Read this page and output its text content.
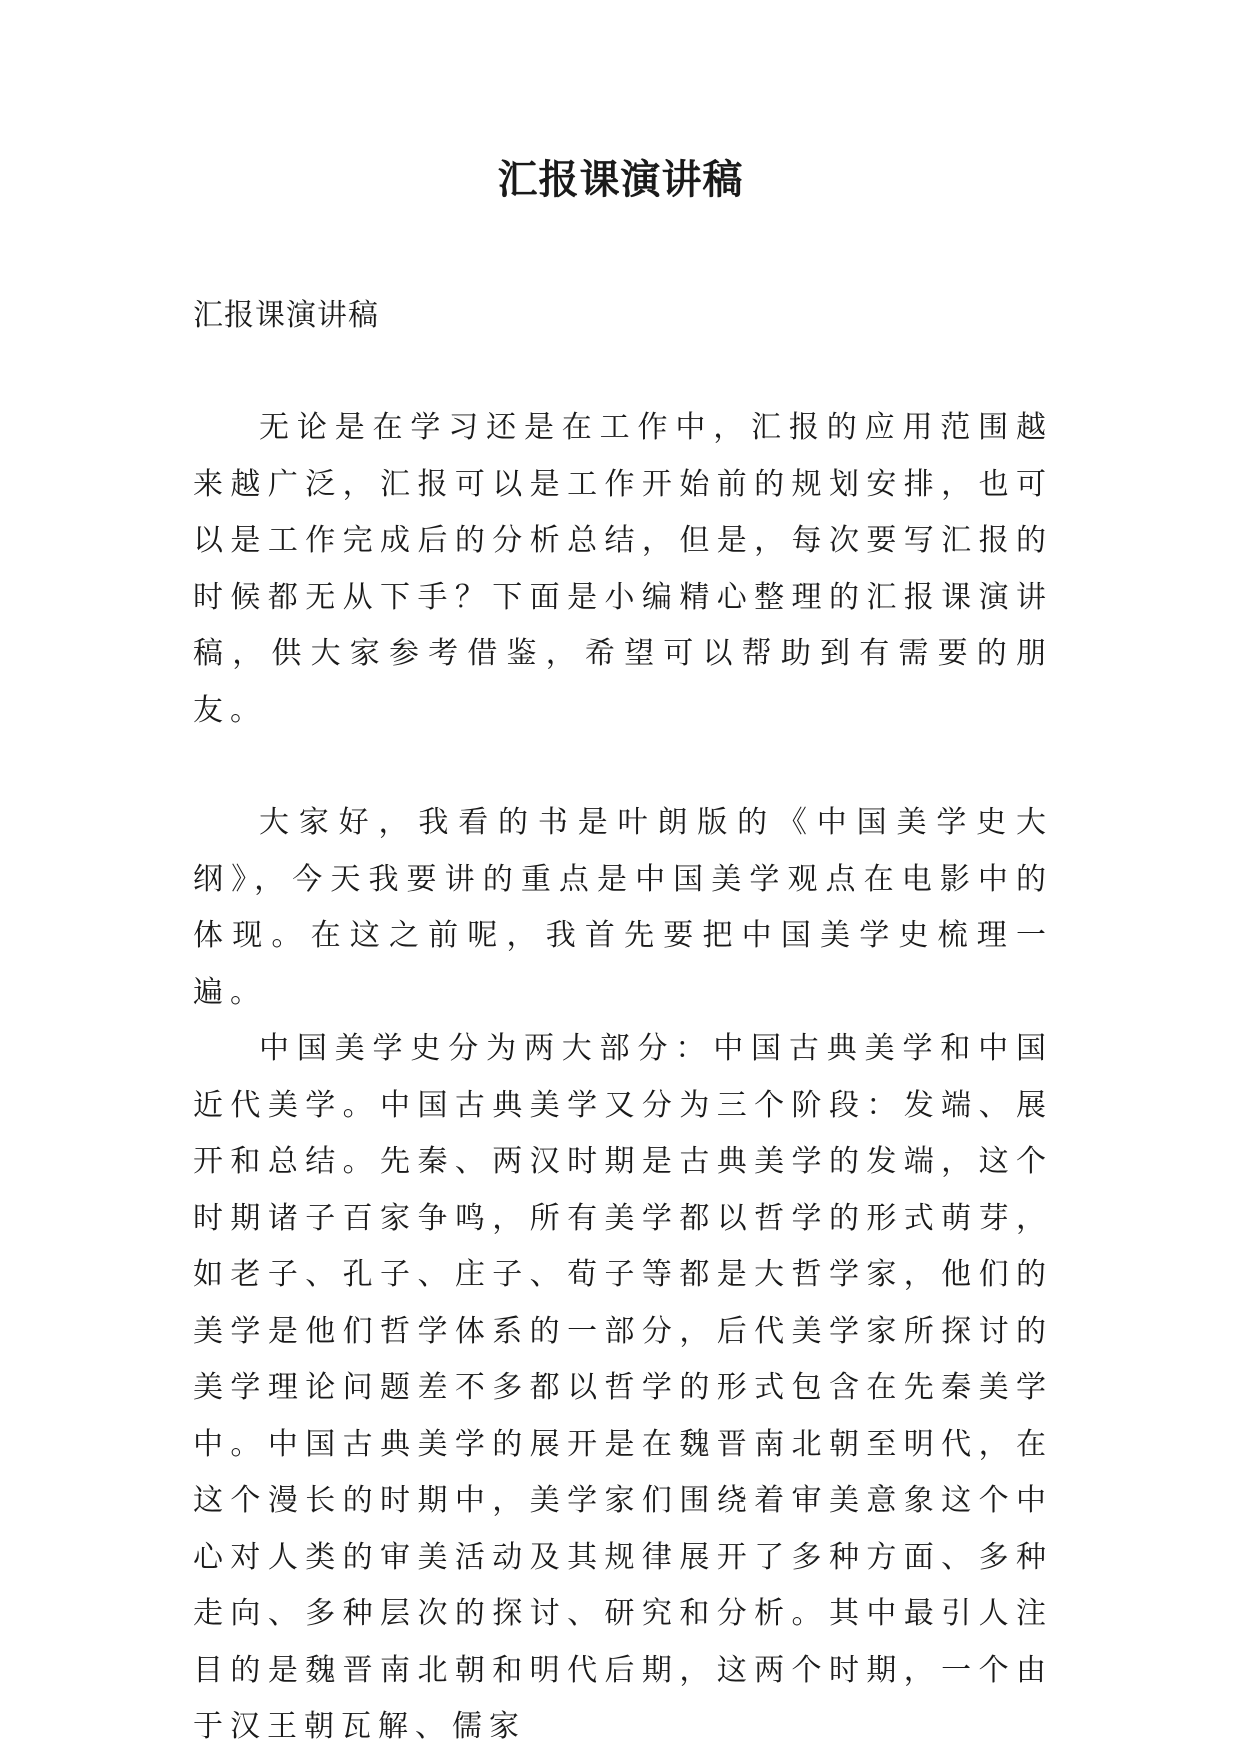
汇报课演讲稿

汇报课演讲稿

无论是在学习还是在工作中，汇报的应用范围越来越广泛，汇报可以是工作开始前的规划安排，也可以是工作完成后的分析总结，但是，每次要写汇报的时候都无从下手？下面是小编精心整理的汇报课演讲稿，供大家参考借鉴，希望可以帮助到有需要的朋友。

大家好，我看的书是叶朗版的《中国美学史大纲》，今天我要讲的重点是中国美学观点在电影中的体现。在这之前呢，我首先要把中国美学史梳理一遍。

中国美学史分为两大部分：中国古典美学和中国近代美学。中国古典美学又分为三个阶段：发端、展开和总结。先秦、两汉时期是古典美学的发端，这个时期诸子百家争鸣，所有美学都以哲学的形式萌芽，如老子、孔子、庄子、荀子等都是大哲学家，他们的美学是他们哲学体系的一部分，后代美学家所探讨的美学理论问题差不多都以哲学的形式包含在先秦美学中。中国古典美学的展开是在魏晋南北朝至明代，在这个漫长的时期中，美学家们围绕着审美意象这个中心对人类的审美活动及其规律展开了多种方面、多种走向、多种层次的探讨、研究和分析。其中最引人注目的是魏晋南北朝和明代后期，这两个时期，一个由于汉王朝瓦解、儒家
